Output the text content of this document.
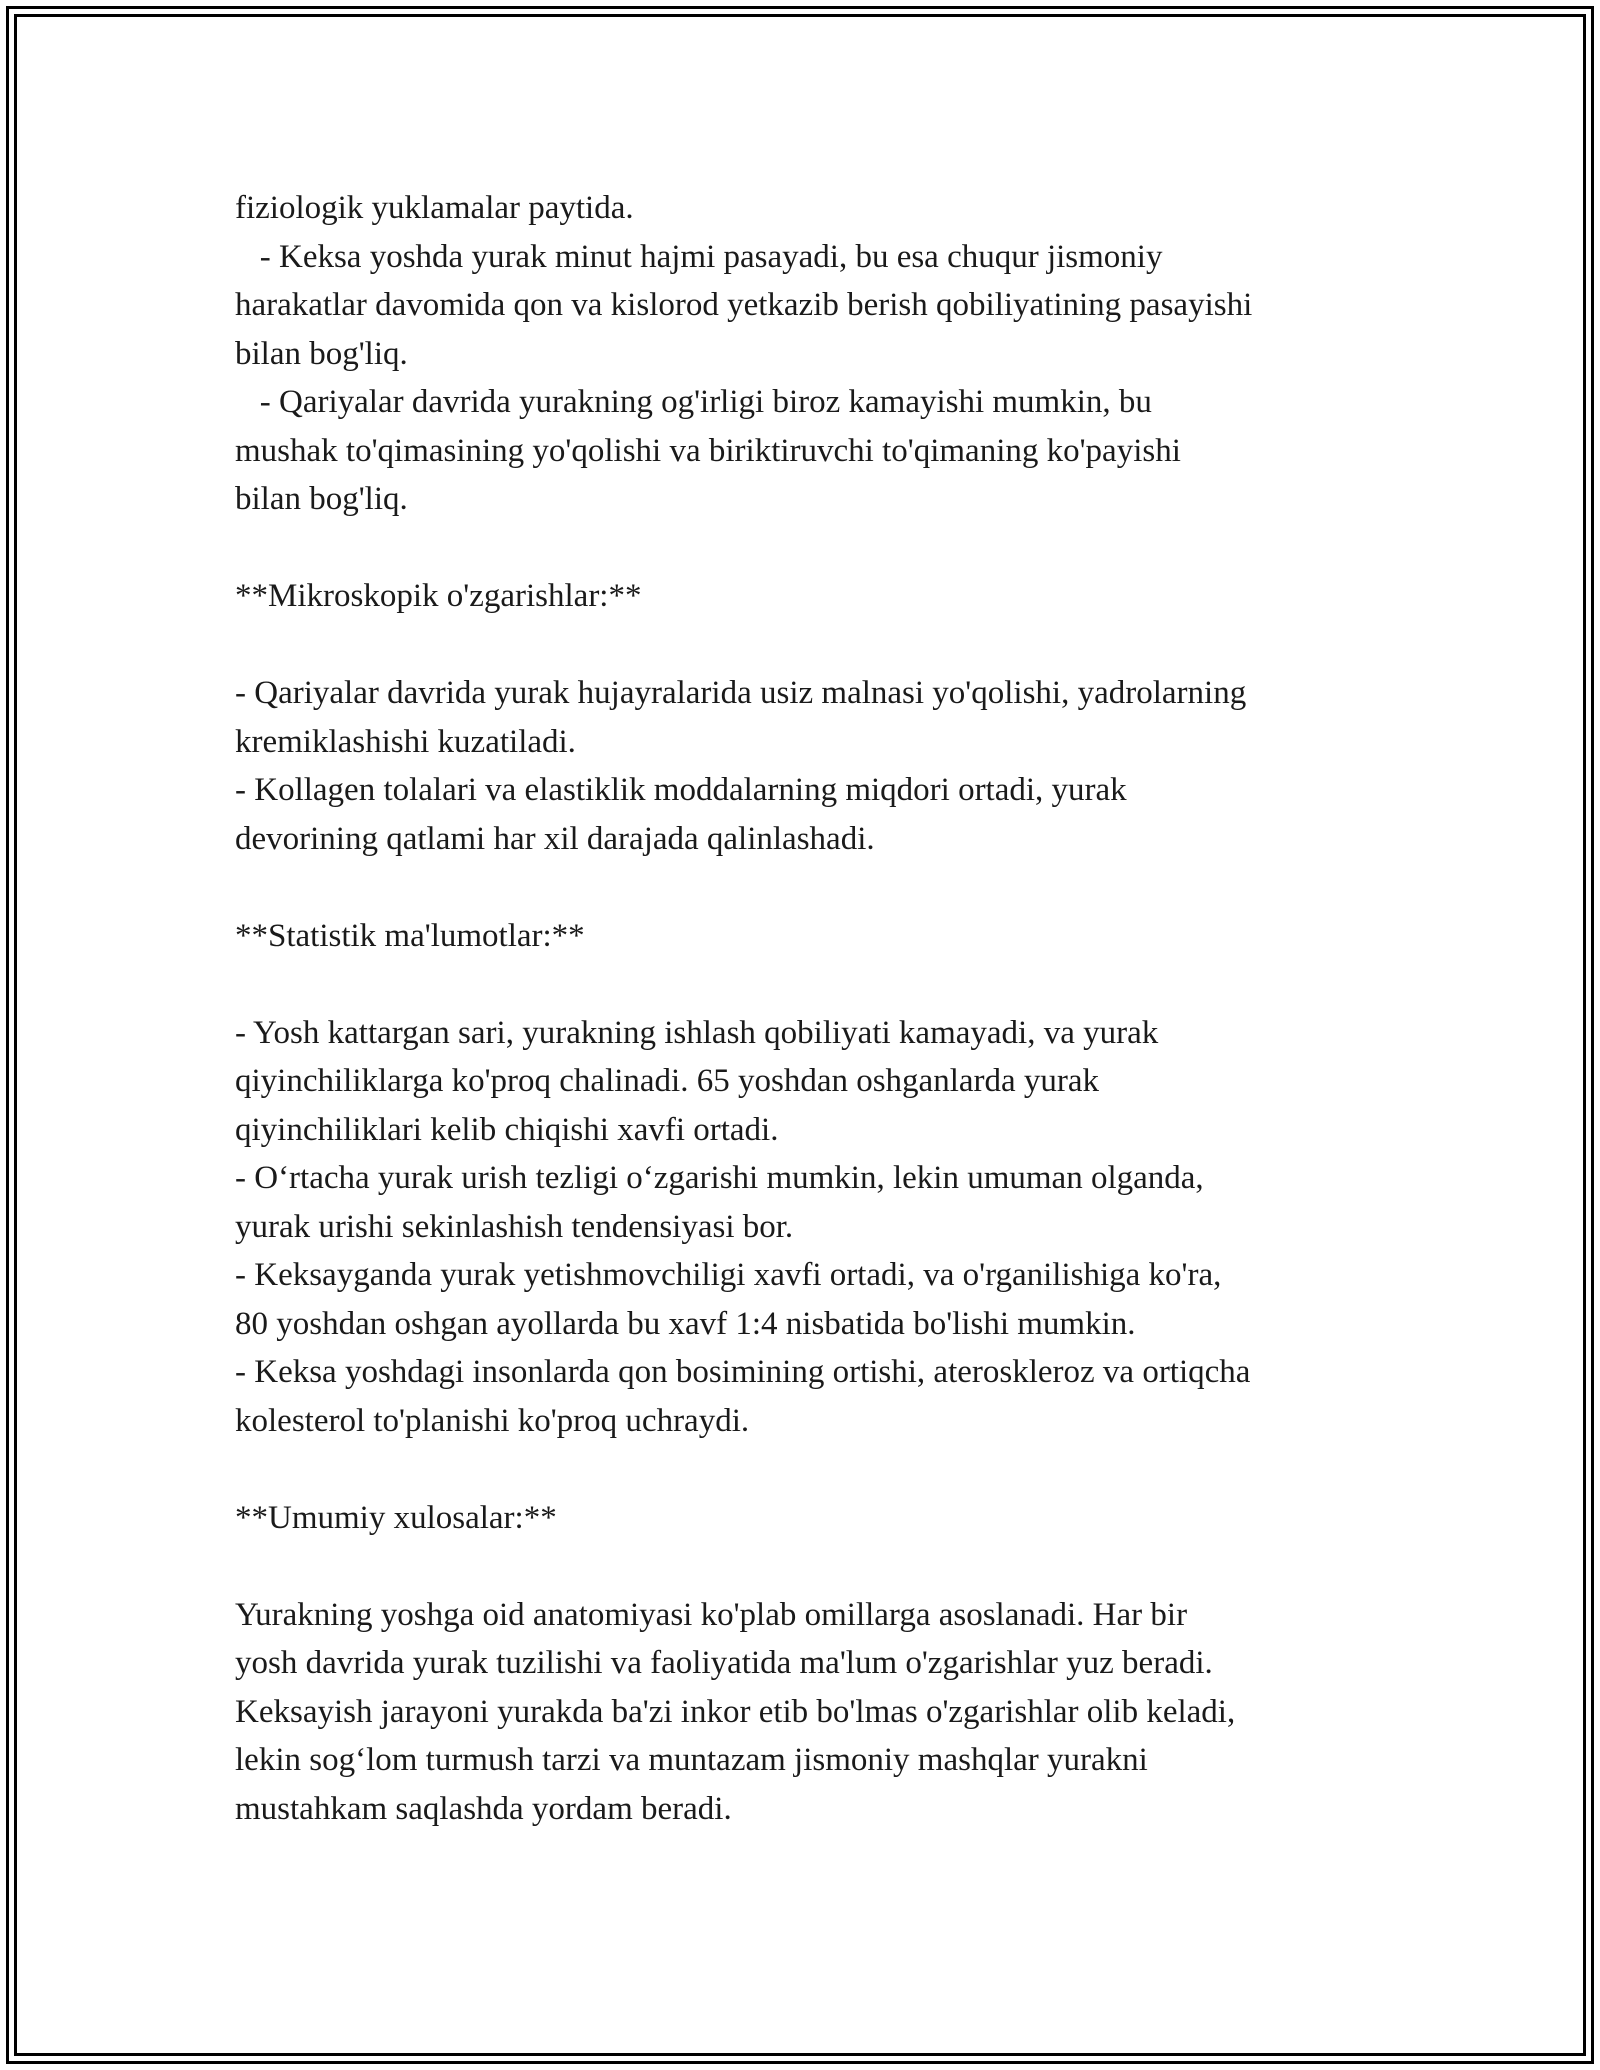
fiziologik yuklamalar paytida.
- Keksa yoshda yurak minut hajmi pasayadi, bu esa chuqur jismoniy
harakatlar davomida qon va kislorod yetkazib berish qobiliyatining pasayishi
bilan bog'liq.
- Qariyalar davrida yurakning og'irligi biroz kamayishi mumkin, bu
mushak to'qimasining yo'qolishi va biriktiruvchi to'qimaning ko'payishi
bilan bog'liq.
**Mikroskopik o'zgarishlar:**
- Qariyalar davrida yurak hujayralarida usiz malnasi yo'qolishi, yadrolarning
kremiklashishi kuzatiladi.
- Kollagen tolalari va elastiklik moddalarning miqdori ortadi, yurak
devorining qatlami har xil darajada qalinlashadi.
**Statistik ma'lumotlar:**
- Yosh kattargan sari, yurakning ishlash qobiliyati kamayadi, va yurak
qiyinchiliklarga ko'proq chalinadi. 65 yoshdan oshganlarda yurak
qiyinchiliklari kelib chiqishi xavfi ortadi.
- O‘rtacha yurak urish tezligi o‘zgarishi mumkin, lekin umuman olganda,
yurak urishi sekinlashish tendensiyasi bor.
- Keksayganda yurak yetishmovchiligi xavfi ortadi, va o'rganilishiga ko'ra,
80 yoshdan oshgan ayollarda bu xavf 1:4 nisbatida bo'lishi mumkin.
- Keksa yoshdagi insonlarda qon bosimining ortishi, ateroskleroz va ortiqcha
kolesterol to'planishi ko'proq uchraydi.
**Umumiy xulosalar:**
Yurakning yoshga oid anatomiyasi ko'plab omillarga asoslanadi. Har bir
yosh davrida yurak tuzilishi va faoliyatida ma'lum o'zgarishlar yuz beradi.
Keksayish jarayoni yurakda ba'zi inkor etib bo'lmas o'zgarishlar olib keladi,
lekin sog‘lom turmush tarzi va muntazam jismoniy mashqlar yurakni
mustahkam saqlashda yordam beradi.
